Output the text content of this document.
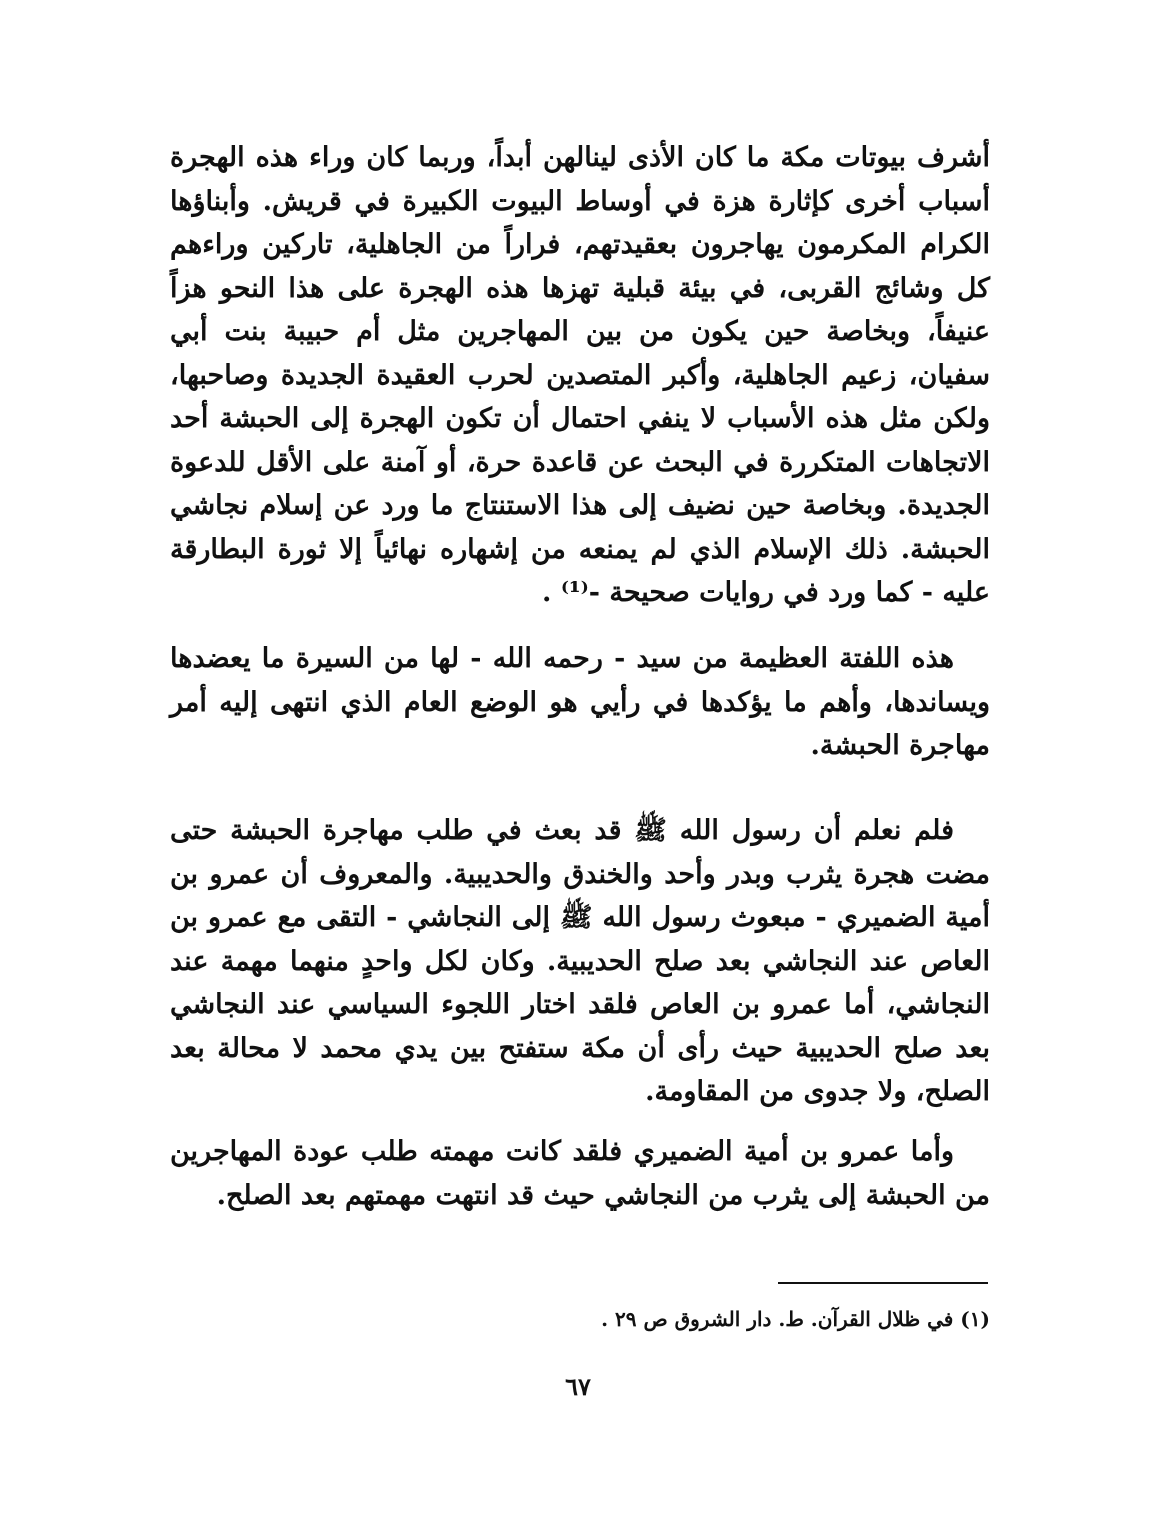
أشرف بيوتات مكة ما كان الأذى لينالهن أبداً، وربما كان وراء هذه الهجرة أسباب أخرى كإثارة هزة في أوساط البيوت الكبيرة في قريش. وأبناؤها الكرام المكرمون يهاجرون بعقيدتهم، فراراً من الجاهلية، تاركين وراءهم كل وشائج القربى، في بيئة قبلية تهزها هذه الهجرة على هذا النحو هزاً عنيفاً، وبخاصة حين يكون من بين المهاجرين مثل أم حبيبة بنت أبي سفيان، زعيم الجاهلية، وأكبر المتصدين لحرب العقيدة الجديدة وصاحبها، ولكن مثل هذه الأسباب لا ينفي احتمال أن تكون الهجرة إلى الحبشة أحد الاتجاهات المتكررة في البحث عن قاعدة حرة، أو آمنة على الأقل للدعوة الجديدة. وبخاصة حين نضيف إلى هذا الاستنتاج ما ورد عن إسلام نجاشي الحبشة. ذلك الإسلام الذي لم يمنعه من إشهاره نهائياً إلا ثورة البطارقة عليه - كما ورد في روايات صحيحة -⁽¹⁾ .

هذه اللفتة العظيمة من سيد - رحمه الله - لها من السيرة ما يعضدها ويساندها، وأهم ما يؤكدها في رأيي هو الوضع العام الذي انتهى إليه أمر مهاجرة الحبشة.

فلم نعلم أن رسول الله ﷺ قد بعث في طلب مهاجرة الحبشة حتى مضت هجرة يثرب وبدر وأحد والخندق والحديبية. والمعروف أن عمرو بن أمية الضميري - مبعوث رسول الله ﷺ إلى النجاشي - التقى مع عمرو بن العاص عند النجاشي بعد صلح الحديبية. وكان لكل واحدٍ منهما مهمة عند النجاشي، أما عمرو بن العاص فلقد اختار اللجوء السياسي عند النجاشي بعد صلح الحديبية حيث رأى أن مكة ستفتح بين يدي محمد لا محالة بعد الصلح، ولا جدوى من المقاومة.

وأما عمرو بن أمية الضميري فلقد كانت مهمته طلب عودة المهاجرين من الحبشة إلى يثرب من النجاشي حيث قد انتهت مهمتهم بعد الصلح.

(١) في ظلال القرآن. ط. دار الشروق ص ٢٩ .
٦٧
